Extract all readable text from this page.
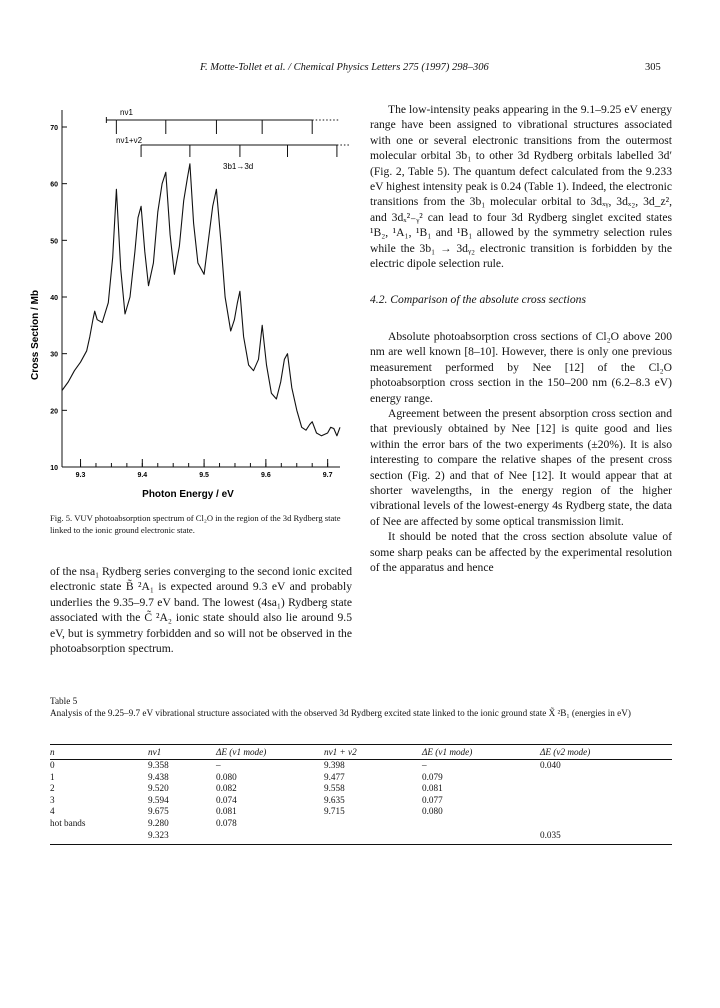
F. Motte-Tollet et al. / Chemical Physics Letters 275 (1997) 298–306	305
70
60
50
40
30
20
10
9.3	9.4	9.5	9.6	9.7
Cross Section / Mb
Photon Energy / eV
nν1
nν1+ν2
3b1→3d
Fig. 5. VUV photoabsorption spectrum of Cl₂O in the region of the 3d Rydberg state linked to the ionic ground electronic state.

The low-intensity peaks appearing in the 9.1–9.25 eV energy range have been assigned to vibrational structures associated with one or several electronic transitions from the outermost molecular orbital 3b₁ to other 3d Rydberg orbitals labelled 3d′ (Fig. 2, Table 5). The quantum defect calculated from the 9.233 eV highest intensity peak is 0.24 (Table 1). Indeed, the electronic transitions from the 3b₁ molecular orbital to 3dₓᵧ, 3dₓ₂, 3d_z², and 3dₓ²₋ᵧ² can lead to four 3d Rydberg singlet excited states ¹B₂, ¹A₁, ¹B₁ and ¹B₁ allowed by the symmetry selection rules while the 3b₁ → 3dᵧ₂ electronic transition is forbidden by the electric dipole selection rule.

4.2. Comparison of the absolute cross sections

Absolute photoabsorption cross sections of Cl₂O above 200 nm are well known [8–10]. However, there is only one previous measurement performed by Nee [12] of the Cl₂O photoabsorption cross section in the 150–200 nm (6.2–8.3 eV) energy range.

Agreement between the present absorption cross section and that previously obtained by Nee [12] is quite good and lies within the error bars of the two experiments (±20%). It is also interesting to compare the relative shapes of the present cross section (Fig. 2) and that of Nee [12]. It would appear that at shorter wavelengths, in the energy region of the higher vibrational levels of the lowest-energy 4s Rydberg state, the data of Nee are affected by some optical transmission limit.

It should be noted that the cross section absolute value of some sharp peaks can be affected by the experimental resolution of the apparatus and hence

of the nsa₁ Rydberg series converging to the second ionic excited electronic state B̃ ²A₁ is expected around 9.3 eV and probably underlies the 9.35–9.7 eV band. The lowest (4sa₁) Rydberg state associated with the C̃ ²A₂ ionic state should also lie around 9.5 eV, but is symmetry forbidden and so will not be observed in the photoabsorption spectrum.

Table 5

Analysis of the 9.25–9.7 eV vibrational structure associated with the observed 3d Rydberg excited state linked to the ionic ground state X̃ ²B₁ (energies in eV)

n	nν1	ΔE (ν1 mode)	nν1 + ν2	ΔE (ν1 mode)	ΔE (ν2 mode)
0	9.358	–	9.398	–	0.040
1	9.438	0.080	9.477	0.079	
2	9.520	0.082	9.558	0.081	
3	9.594	0.074	9.635	0.077	
4	9.675	0.081	9.715	0.080	
hot bands	9.280	0.078			
	9.323				0.035
